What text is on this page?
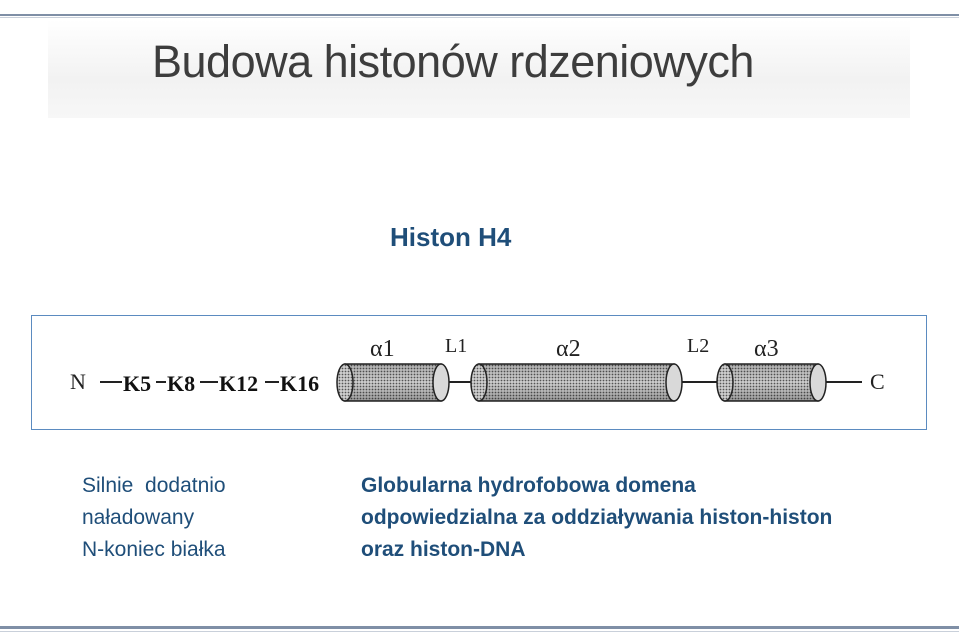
Budowa histonów rdzeniowych
Histon H4
N K5 K8 K12 K16
α1	L1	α2	L2 α3
C
Silnie  dodatnio
naładowany
N-koniec białka
Globularna hydrofobowa domena
odpowiedzialna za oddziaływania histon-histon
oraz histon-DNA
